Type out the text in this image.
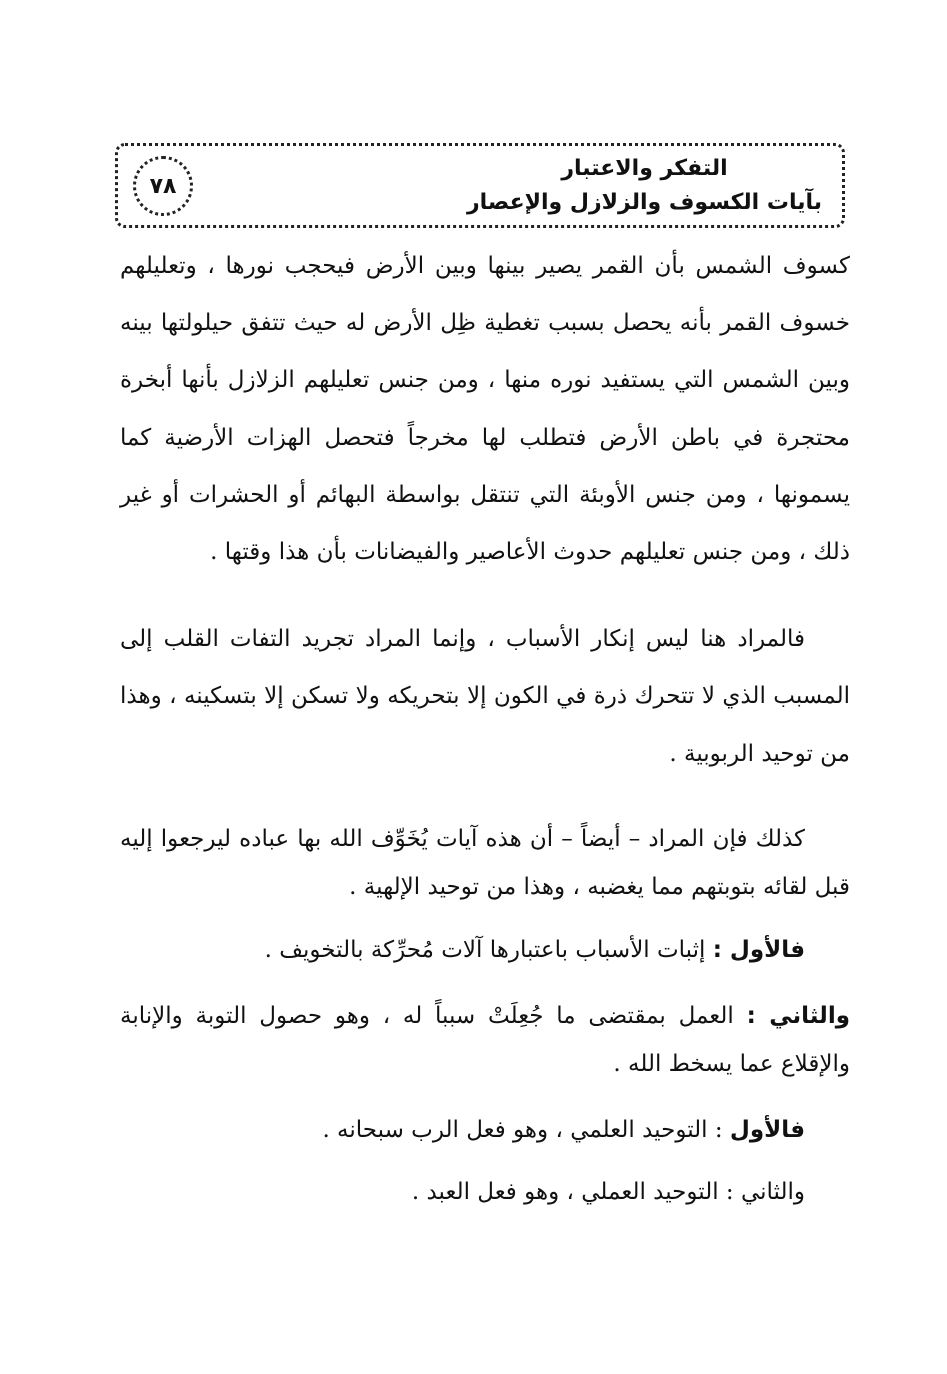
٧٨
التفكر والاعتبار
بآيات الكسوف والزلازل والإعصار

كسوف الشمس بأن القمر يصير بينها وبين الأرض فيحجب نورها ، وتعليلهم خسوف القمر بأنه يحصل بسبب تغطية ظِل الأرض له حيث تتفق حيلولتها بينه وبين الشمس التي يستفيد نوره منها ، ومن جنس تعليلهم الزلازل بأنها أبخرة محتجرة في باطن الأرض فتطلب لها مخرجاً فتحصل الهزات الأرضية كما يسمونها ، ومن جنس الأوبئة التي تنتقل بواسطة البهائم أو الحشرات أو غير ذلك ، ومن جنس تعليلهم حدوث الأعاصير والفيضانات بأن هذا وقتها .

فالمراد هنا ليس إنكار الأسباب ، وإنما المراد تجريد التفات القلب إلى المسبب الذي لا تتحرك ذرة في الكون إلا بتحريكه ولا تسكن إلا بتسكينه ، وهذا من توحيد الربوبية .

كذلك فإن المراد – أيضاً – أن هذه آيات يُخَوِّف الله بها عباده ليرجعوا إليه قبل لقائه بتوبتهم مما يغضبه ، وهذا من توحيد الإلهية .

فالأول : إثبات الأسباب باعتبارها آلات مُحرِّكة بالتخويف .

والثاني : العمل بمقتضى ما جُعِلَتْ سبباً له ، وهو حصول التوبة والإنابة والإقلاع عما يسخط الله .

فالأول : التوحيد العلمي ، وهو فعل الرب سبحانه .

والثاني : التوحيد العملي ، وهو فعل العبد .
